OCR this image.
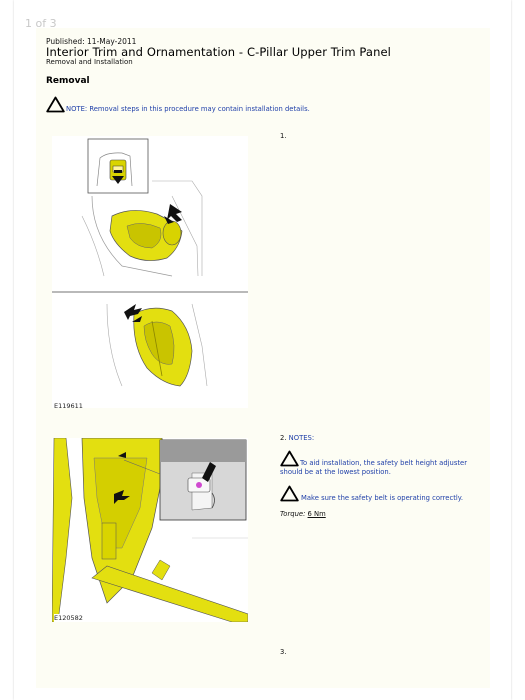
1 of 3
Published: 11-May-2011
Interior Trim and Ornamentation - C-Pillar Upper Trim Panel
Removal and Installation
Removal
NOTE: Removal steps in this procedure may contain installation details.
1.
E119611
2. NOTES:
E120582
To aid installation, the safety belt height adjuster should be at the lowest position.
Make sure the safety belt is operating correctly.
Torque: 6 Nm
3.
